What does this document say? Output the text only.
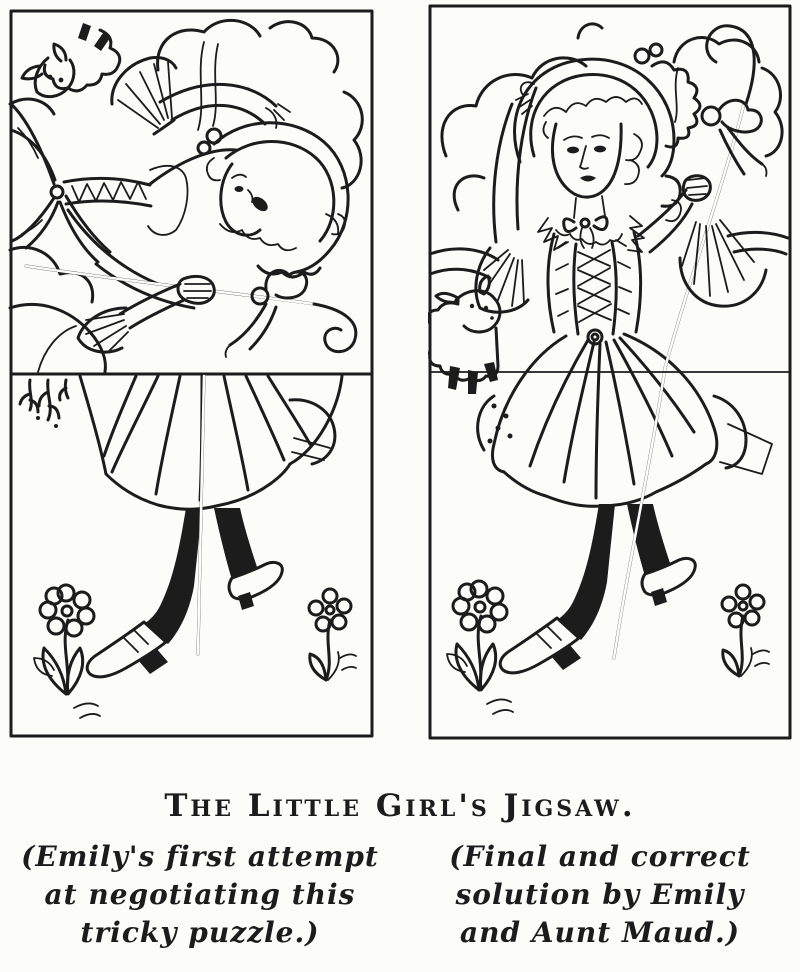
The Little Girl's Jigsaw.
(Emily's first attempt
at negotiating this
tricky puzzle.)
(Final and correct
solution by Emily
and Aunt Maud.)
